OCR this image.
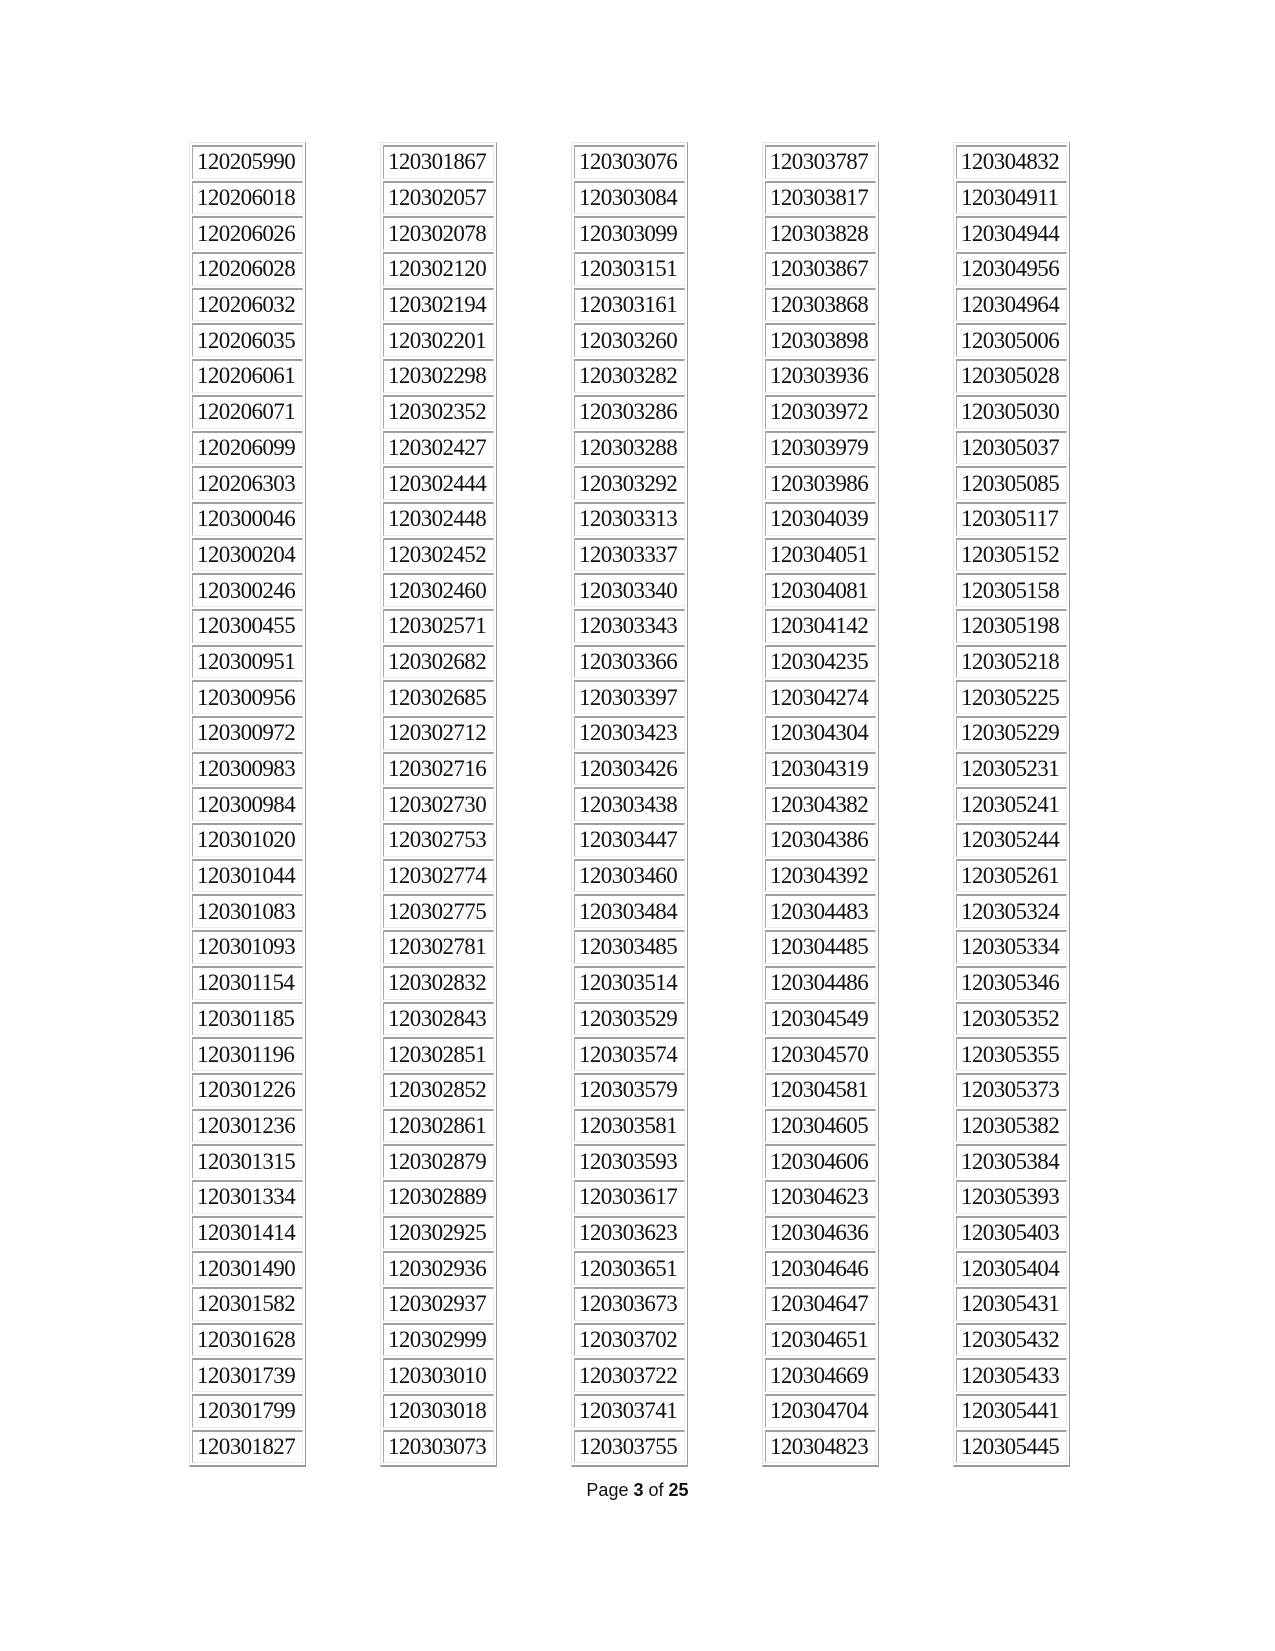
120205990
120206018
120206026
120206028
120206032
120206035
120206061
120206071
120206099
120206303
120300046
120300204
120300246
120300455
120300951
120300956
120300972
120300983
120300984
120301020
120301044
120301083
120301093
120301154
120301185
120301196
120301226
120301236
120301315
120301334
120301414
120301490
120301582
120301628
120301739
120301799
120301827
120301867
120302057
120302078
120302120
120302194
120302201
120302298
120302352
120302427
120302444
120302448
120302452
120302460
120302571
120302682
120302685
120302712
120302716
120302730
120302753
120302774
120302775
120302781
120302832
120302843
120302851
120302852
120302861
120302879
120302889
120302925
120302936
120302937
120302999
120303010
120303018
120303073
120303076
120303084
120303099
120303151
120303161
120303260
120303282
120303286
120303288
120303292
120303313
120303337
120303340
120303343
120303366
120303397
120303423
120303426
120303438
120303447
120303460
120303484
120303485
120303514
120303529
120303574
120303579
120303581
120303593
120303617
120303623
120303651
120303673
120303702
120303722
120303741
120303755
120303787
120303817
120303828
120303867
120303868
120303898
120303936
120303972
120303979
120303986
120304039
120304051
120304081
120304142
120304235
120304274
120304304
120304319
120304382
120304386
120304392
120304483
120304485
120304486
120304549
120304570
120304581
120304605
120304606
120304623
120304636
120304646
120304647
120304651
120304669
120304704
120304823
120304832
120304911
120304944
120304956
120304964
120305006
120305028
120305030
120305037
120305085
120305117
120305152
120305158
120305198
120305218
120305225
120305229
120305231
120305241
120305244
120305261
120305324
120305334
120305346
120305352
120305355
120305373
120305382
120305384
120305393
120305403
120305404
120305431
120305432
120305433
120305441
120305445
Page 3 of 25
